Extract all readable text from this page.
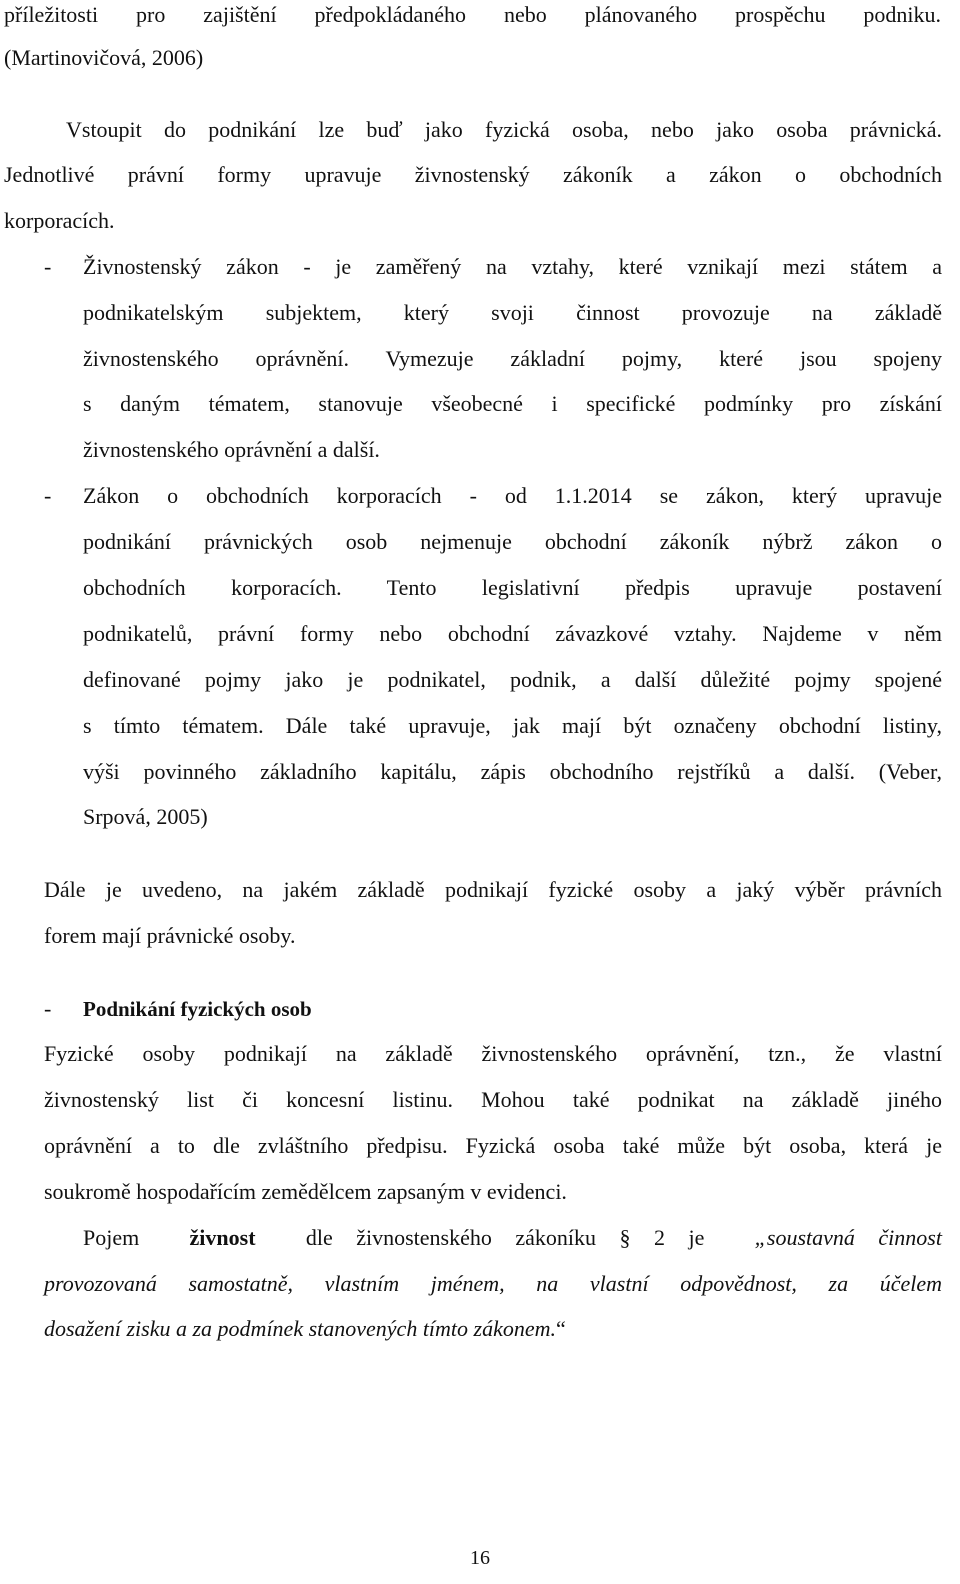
příležitosti pro zajištění předpokládaného nebo plánovaného prospěchu podniku.
(Martinovičová, 2006)
Vstoupit do podnikání lze buď jako fyzická osoba, nebo jako osoba právnická.
Jednotlivé právní formy upravuje živnostenský zákoník a zákon o obchodních
korporacích.
- Živnostenský zákon - je zaměřený na vztahy, které vznikají mezi státem a
podnikatelským subjektem, který svoji činnost provozuje na základě
živnostenského oprávnění. Vymezuje základní pojmy, které jsou spojeny
s daným tématem, stanovuje všeobecné i specifické podmínky pro získání
živnostenského oprávnění a další.
- Zákon o obchodních korporacích - od 1.1.2014 se zákon, který upravuje
podnikání právnických osob nejmenuje obchodní zákoník nýbrž zákon o
obchodních korporacích. Tento legislativní předpis upravuje postavení
podnikatelů, právní formy nebo obchodní závazkové vztahy. Najdeme v něm
definované pojmy jako je podnikatel, podnik, a další důležité pojmy spojené
s tímto tématem. Dále také upravuje, jak mají být označeny obchodní listiny,
výši povinného základního kapitálu, zápis obchodního rejstříků a další. (Veber,
Srpová, 2005)
Dále je uvedeno, na jakém základě podnikají fyzické osoby a jaký výběr právních
forem mají právnické osoby.
- Podnikání fyzických osob
Fyzické osoby podnikají na základě živnostenského oprávnění, tzn., že vlastní
živnostenský list či koncesní listinu. Mohou také podnikat na základě jiného
oprávnění a to dle zvláštního předpisu. Fyzická osoba také může být osoba, která je
soukromě hospodařícím zemědělcem zapsaným v evidenci.
Pojem živnost dle živnostenského zákoníku § 2 je „soustavná činnost
provozovaná samostatně, vlastním jménem, na vlastní odpovědnost, za účelem
dosažení zisku a za podmínek stanovených tímto zákonem.“
16
